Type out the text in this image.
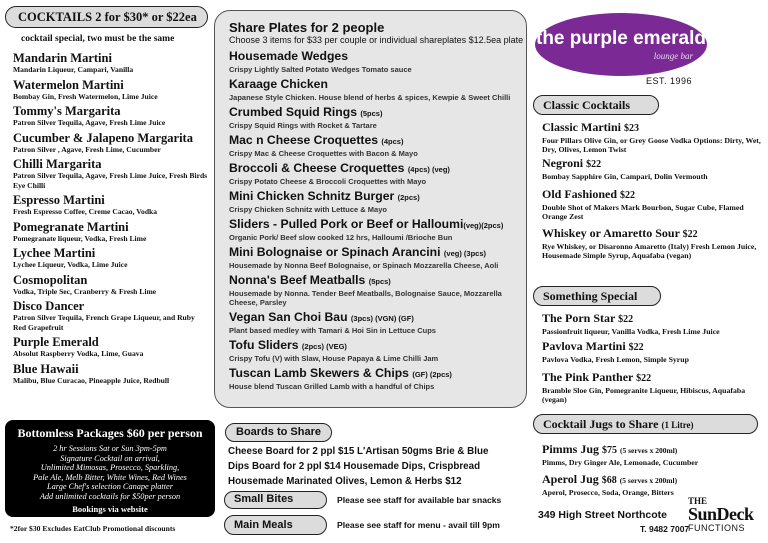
COCKTAILS 2 for $30* or $22ea
cocktail special, two must be the same
Mandarin Martini
Mandarin Liqueur, Campari, Vanilla
Watermelon Martini
Bombay Gin, Fresh Watermelon, Lime Juice
Tommy's Margarita
Patron Silver Tequila, Agave, Fresh Lime Juice
Cucumber & Jalapeno Margarita
Patron Silver , Agave, Fresh Lime, Cucumber
Chilli Margarita
Patron Silver Tequila, Agave, Fresh Lime Juice, Fresh Birds Eye Chilli
Espresso Martini
Fresh Espresso Coffee, Creme Cacao, Vodka
Pomegranate Martini
Pomegranate liqueur, Vodka, Fresh Lime
Lychee Martini
Lychee Liqueur, Vodka, Lime Juice
Cosmopolitan
Vodka, Triple Sec, Cranberry & Fresh Lime
Disco Dancer
Patron Silver Tequila, French Grape Liqueur, and Ruby Red Grapefruit
Purple Emerald
Absolut Raspberry Vodka, Lime, Guava
Blue Hawaii
Malibu, Blue Curacao, Pineapple Juice, Redbull
Bottomless Packages $60 per person
2 hr Sessions Sat or Sun 3pm-5pm
Signature Cocktail on arrival,
Unlimited Mimosas, Prosecco, Sparkling,
Pale Ale, Melb Bitter, White Wines, Red Wines
Large Chef's selection Canape platter
Add unlimited cocktails for $50per person
Bookings via website
*2for $30 Excludes EatClub Promotional discounts
Share Plates for 2 people
Choose 3 items for $33 per couple or individual shareplates $12.5ea plate
Housemade Wedges
Crispy Lightly Salted Potato Wedges Tomato sauce
Karaage Chicken
Japanese Style Chicken. House blend of herbs & spices, Kewpie & Sweet Chilli
Crumbed Squid Rings (5pcs)
Crispy Squid Rings with Rocket & Tartare
Mac n Cheese Croquettes (4pcs)
Crispy Mac & Cheese Croquettes with Bacon & Mayo
Broccoli & Cheese Croquettes (4pcs) (veg)
Crispy Potato Cheese & Broccoli Croquettes with Mayo
Mini Chicken Schnitz Burger (2pcs)
Crispy Chicken Schnitz with Lettuce & Mayo
Sliders - Pulled Pork or Beef or Halloumi(veg)(2pcs)
Organic Pork/ Beef slow cooked 12 hrs, Halloumi /Brioche Bun
Mini Bolognaise or Spinach Arancini (veg) (3pcs)
Housemade by Nonna Beef Bolognaise, or Spinach Mozzarella Cheese, Aoli
Nonna's Beef Meatballs (5pcs)
Housemade by Nonna. Tender Beef Meatballs, Bolognaise Sauce, Mozzarella Cheese, Parsley
Vegan San Choi Bau (3pcs) (VGN) (GF)
Plant based medley with Tamari & Hoi Sin in Lettuce Cups
Tofu Sliders (2pcs) (VEG)
Crispy Tofu (V) with Slaw, House Papaya & Lime Chilli Jam
Tuscan Lamb Skewers & Chips (GF) (2pcs)
House blend Tuscan Grilled Lamb with a handful of Chips
Boards to Share
Cheese Board for 2 ppl $15 L'Artisan 50gms Brie & Blue
Dips Board for 2 ppl $14 Housemade Dips, Crispbread
Housemade Marinated Olives, Lemon & Herbs $12
Small Bites	Please see staff for available bar snacks
Main Meals	Please see staff for menu - avail till 9pm
the purple emerald
lounge bar
EST. 1996
Classic Cocktails
Classic Martini $23
Four Pillars Olive Gin, or Grey Goose Vodka Options: Dirty, Wet, Dry, Olives, Lemon Twist
Negroni $22
Bombay Sapphire Gin, Campari, Dolin Vermouth
Old Fashioned $22
Double Shot of Makers Mark Bourbon, Sugar Cube, Flamed Orange Zest
Whiskey or Amaretto Sour $22
Rye Whiskey, or Disaronno Amaretto (Italy) Fresh Lemon Juice, Housemade Simple Syrup, Aquafaba (vegan)
Something Special
The Porn Star $22
Passionfruit liqueur, Vanilla Vodka, Fresh Lime Juice
Pavlova Martini $22
Pavlova Vodka, Fresh Lemon, Simple Syrup
The Pink Panther $22
Bramble Sloe Gin, Pomegranite Liqueur, Hibiscus, Aquafaba (vegan)
Cocktail Jugs to Share (1 Litre)
Pimms Jug $75 (5 serves x 200ml)
Pimms, Dry Ginger Ale, Lemonade, Cucumber
Aperol Jug $68 (5 serves x 200ml)
Aperol, Prosecco, Soda, Orange, Bitters
349 High Street Northcote
T. 9482 7007
THE
SunDeck
FUNCTIONS
